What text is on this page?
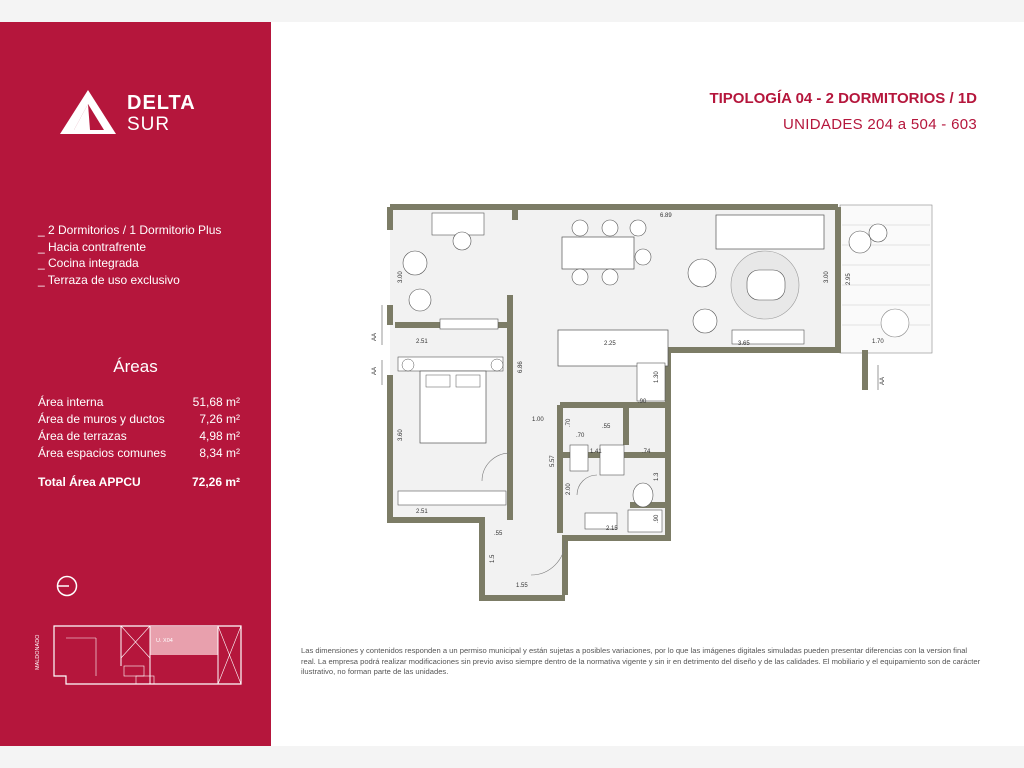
DELTA
SUR
_ 2 Dormitorios / 1 Dormitorio Plus
_ Hacia contrafrente
_ Cocina integrada
_ Terraza de uso exclusivo
Áreas
Área interna	51,68 m²
Área de muros y ductos	7,26 m²
Área de terrazas	4,98 m²
Área espacios comunes	8,34 m²
Total Área APPCU	72,26 m²
MALDONADO	U. X04
TIPOLOGÍA 04 - 2 DORMITORIOS / 1D
UNIDADES 204 a 504 - 603
6.89
3.00	3.00	2.95
2.51	2.25	3.65	1.70
1.30
6.86
1.00
3.60
.70
.70
.55
.90
1.41	.74
1.3
5.57
2.00
2.51
2.15
.90
.55
1.5
1.55
AA
AA
AA
Las dimensiones y contenidos responden a un permiso municipal y están sujetas a posibles variaciones, por lo que las imágenes digitales simuladas pueden presentar diferencias con la version final real. La empresa podrá realizar modificaciones sin previo aviso siempre dentro de la normativa vigente y sin ir en detrimento del diseño y de las calidades. El mobiliario y el equipamiento son de carácter ilustrativo, no forman parte de las unidades.
